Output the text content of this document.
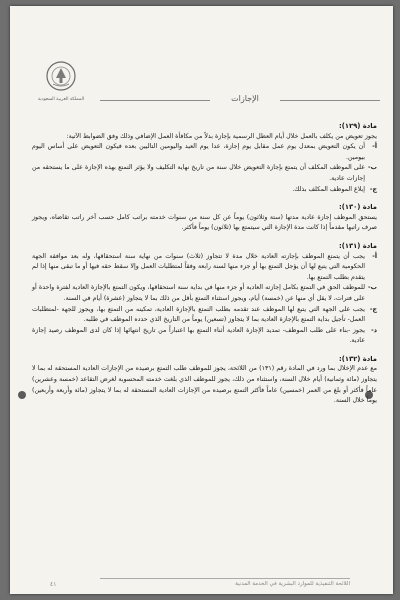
المملكة العربية السعودية	الإجازات
مادة (١٢٩):

يجوز تعويض من يكلف بالعمل خلال أيام العطل الرسمية بإجازة بدلاً من مكافأة العمل الإضافي وذلك وفق الضوابط الآتية:

أ-
أن يكون التعويض بمعدل يوم عمل مقابل يوم إجازة، عدا يوم العيد واليومين التاليين بعده فيكون التعويض على أساس اليوم بيومين.
ب-
على الموظف المكلف أن يتمتع بإجازة التعويض خلال سنة من تاريخ نهاية التكليف ولا يؤثر التمتع بهذه الإجازة على ما يستحقه من إجازات عادية.
ج-
إبلاغ الموظف المكلف بذلك.
مادة (١٣٠):

يستحق الموظف إجازة عادية مدتها (ستة وثلاثون) يوماً عن كل سنة من سنوات خدمته براتب كامل حسب آخر راتب تقاضاه، ويجوز صرف راتبها مقدماً إذا كانت مدة الإجازة التي سيتمتع بها (ثلاثون) يوماً فأكثر.

مادة (١٣١):
أ-
يجب أن يتمتع الموظف بإجازته العادية خلال مدة لا تتجاوز (ثلاث) سنوات من نهاية سنة استحقاقها، وله بعد موافقة الجهة الحكومية التي يتبع لها أن يؤجل التمتع بها أو جزء منها لسنة رابعة وفقاً لمتطلبات العمل وإلا سقط حقه فيها أو ما تبقى منها إذا لم يتقدم بطلب التمتع بها.
ب-
للموظف الحق في التمتع بكامل إجازته العادية أو جزء منها في بداية سنة استحقاقها، ويكون التمتع بالإجازة العادية لفترة واحدة أو على فترات، لا يقل أي منها عن (خمسة) أيام، ويجوز استثناء التمتع بأقل من ذلك بما لا يتجاوز (عشرة) أيام في السنة.
ج-
يجب على الجهة التي يتبع لها الموظف عند تقدمه بطلب التمتع بالإجازة العادية، تمكينه من التمتع بها، ويجوز للجهة -لمتطلبات العمل- تأجيل بداية التمتع بالإجازة العادية بما لا يتجاوز (تسعين) يوماً من التاريخ الذي حدده الموظف في طلبه.
د-
يجوز -بناء على طلب الموظف- تمديد الإجازة العادية أثناء التمتع بها اعتباراً من تاريخ انتهائها إذا كان لدى الموظف رصيد إجازة عادية.
مادة (١٣٢):

مع عدم الإخلال بما ورد في المادة رقم (١٣١) من اللائحة، يجوز للموظف طلب التمتع برصيده من الإجازات العادية المستحقة له بما لا يتجاوز (مائة وثمانية) أيام خلال السنة، واستثناء من ذلك، يجوز للموظف الذي بلغت خدمته المحسوبة لغرض التقاعد (خمسة وعشرين) عاماً فأكثر أو بلغ من العمر (خمسين) عاماً فأكثر التمتع برصيده من الإجازات العادية المستحقة له بما لا يتجاوز (مائة وأربعة وأربعين) يوماً خلال السنة.

اللائحة التنفيذية للموارد البشرية في الخدمة المدنية
٤١
